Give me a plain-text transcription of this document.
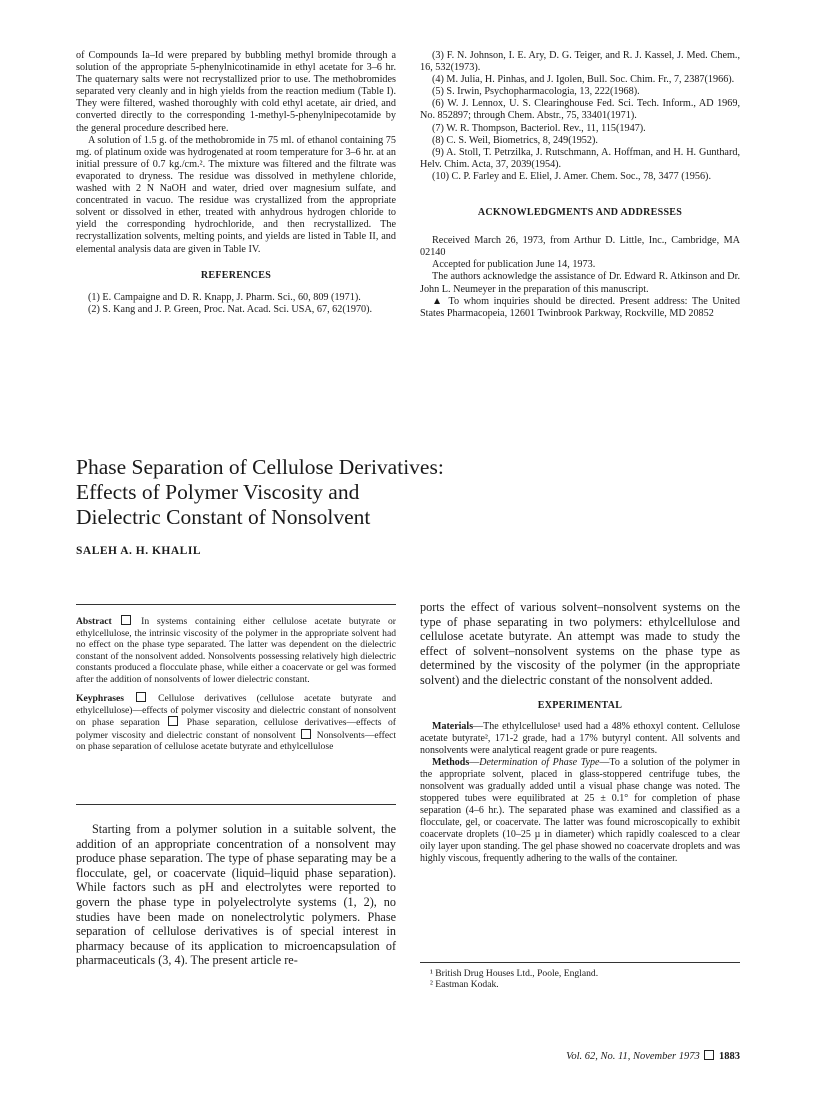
of Compounds Ia–Id were prepared by bubbling methyl bromide through a solution of the appropriate 5-phenylnicotinamide in ethyl acetate for 3–6 hr. The quaternary salts were not recrystallized prior to use. The methobromides separated very cleanly and in high yields from the reaction medium (Table I). They were filtered, washed thoroughly with cold ethyl acetate, air dried, and converted directly to the corresponding 1-methyl-5-phenylnipecotamide by the general procedure described here.

A solution of 1.5 g. of the methobromide in 75 ml. of ethanol containing 75 mg. of platinum oxide was hydrogenated at room temperature for 3–6 hr. at an initial pressure of 0.7 kg./cm.². The mixture was filtered and the filtrate was evaporated to dryness. The residue was dissolved in methylene chloride, washed with 2 N NaOH and water, dried over magnesium sulfate, and concentrated in vacuo. The residue was crystallized from the appropriate solvent or dissolved in ether, treated with anhydrous hydrogen chloride to yield the corresponding hydrochloride, and then recrystallized. The recrystallization solvents, melting points, and yields are listed in Table II, and elemental analysis data are given in Table IV.

REFERENCES

(1) E. Campaigne and D. R. Knapp, J. Pharm. Sci., 60, 809 (1971).

(2) S. Kang and J. P. Green, Proc. Nat. Acad. Sci. USA, 67, 62(1970).

(3) F. N. Johnson, I. E. Ary, D. G. Teiger, and R. J. Kassel, J. Med. Chem., 16, 532(1973).

(4) M. Julia, H. Pinhas, and J. Igolen, Bull. Soc. Chim. Fr., 7, 2387(1966).

(5) S. Irwin, Psychopharmacologia, 13, 222(1968).

(6) W. J. Lennox, U. S. Clearinghouse Fed. Sci. Tech. Inform., AD 1969, No. 852897; through Chem. Abstr., 75, 33401(1971).

(7) W. R. Thompson, Bacteriol. Rev., 11, 115(1947).

(8) C. S. Weil, Biometrics, 8, 249(1952).

(9) A. Stoll, T. Petrzilka, J. Rutschmann, A. Hoffman, and H. H. Gunthard, Helv. Chim. Acta, 37, 2039(1954).

(10) C. P. Farley and E. Eliel, J. Amer. Chem. Soc., 78, 3477 (1956).

ACKNOWLEDGMENTS AND ADDRESSES

Received March 26, 1973, from Arthur D. Little, Inc., Cambridge, MA 02140

Accepted for publication June 14, 1973.

The authors acknowledge the assistance of Dr. Edward R. Atkinson and Dr. John L. Neumeyer in the preparation of this manuscript.

▲ To whom inquiries should be directed. Present address: The United States Pharmacopeia, 12601 Twinbrook Parkway, Rockville, MD 20852

Phase Separation of Cellulose Derivatives:
Effects of Polymer Viscosity and
Dielectric Constant of Nonsolvent

SALEH A. H. KHALIL

Abstract	In systems containing either cellulose acetate butyrate or ethylcellulose, the intrinsic viscosity of the polymer in the appropriate solvent had no effect on the phase type separated. The latter was dependent on the dielectric constant of the nonsolvent added. Nonsolvents possessing relatively high dielectric constants produced a flocculate phase, while either a coacervate or gel was formed after the addition of nonsolvents of lower dielectric constant.

Keyphrases	Cellulose derivatives (cellulose acetate butyrate and ethylcellulose)—effects of polymer viscosity and dielectric constant of nonsolvent on phase separation	Phase separation, cellulose derivatives—effects of polymer viscosity and dielectric constant of nonsolvent Nonsolvents—effect on phase separation of cellulose acetate butyrate and ethylcellulose

Starting from a polymer solution in a suitable solvent, the addition of an appropriate concentration of a nonsolvent may produce phase separation. The type of phase separating may be a flocculate, gel, or coacervate (liquid–liquid phase separation). While factors such as pH and electrolytes were reported to govern the phase type in polyelectrolyte systems (1, 2), no studies have been made on nonelectrolytic polymers. Phase separation of cellulose derivatives is of special interest in pharmacy because of its application to microencapsulation of pharmaceuticals (3, 4). The present article re-

ports the effect of various solvent–nonsolvent systems on the type of phase separating in two polymers: ethylcellulose and cellulose acetate butyrate. An attempt was made to study the effect of solvent–nonsolvent systems on the phase type as determined by the viscosity of the polymer (in the appropriate solvent) and the dielectric constant of the nonsolvent added.

EXPERIMENTAL

Materials—The ethylcellulose¹ used had a 48% ethoxyl content. Cellulose acetate butyrate², 171-2 grade, had a 17% butyryl content. All solvents and nonsolvents were analytical reagent grade or pure reagents.

Methods—Determination of Phase Type—To a solution of the polymer in the appropriate solvent, placed in glass-stoppered centrifuge tubes, the nonsolvent was gradually added until a visual phase change was noted. The stoppered tubes were equilibrated at 25 ± 0.1° for completion of phase separation (4–6 hr.). The separated phase was examined and classified as a flocculate, gel, or coacervate. The latter was found microscopically to exhibit coacervate droplets (10–25 µ in diameter) which rapidly coalesced to a clear oily layer upon standing. The gel phase showed no coacervate droplets and was highly viscous, frequently adhering to the walls of the container.

¹ British Drug Houses Ltd., Poole, England.

² Eastman Kodak.

Vol. 62, No. 11, November 1973 1883
